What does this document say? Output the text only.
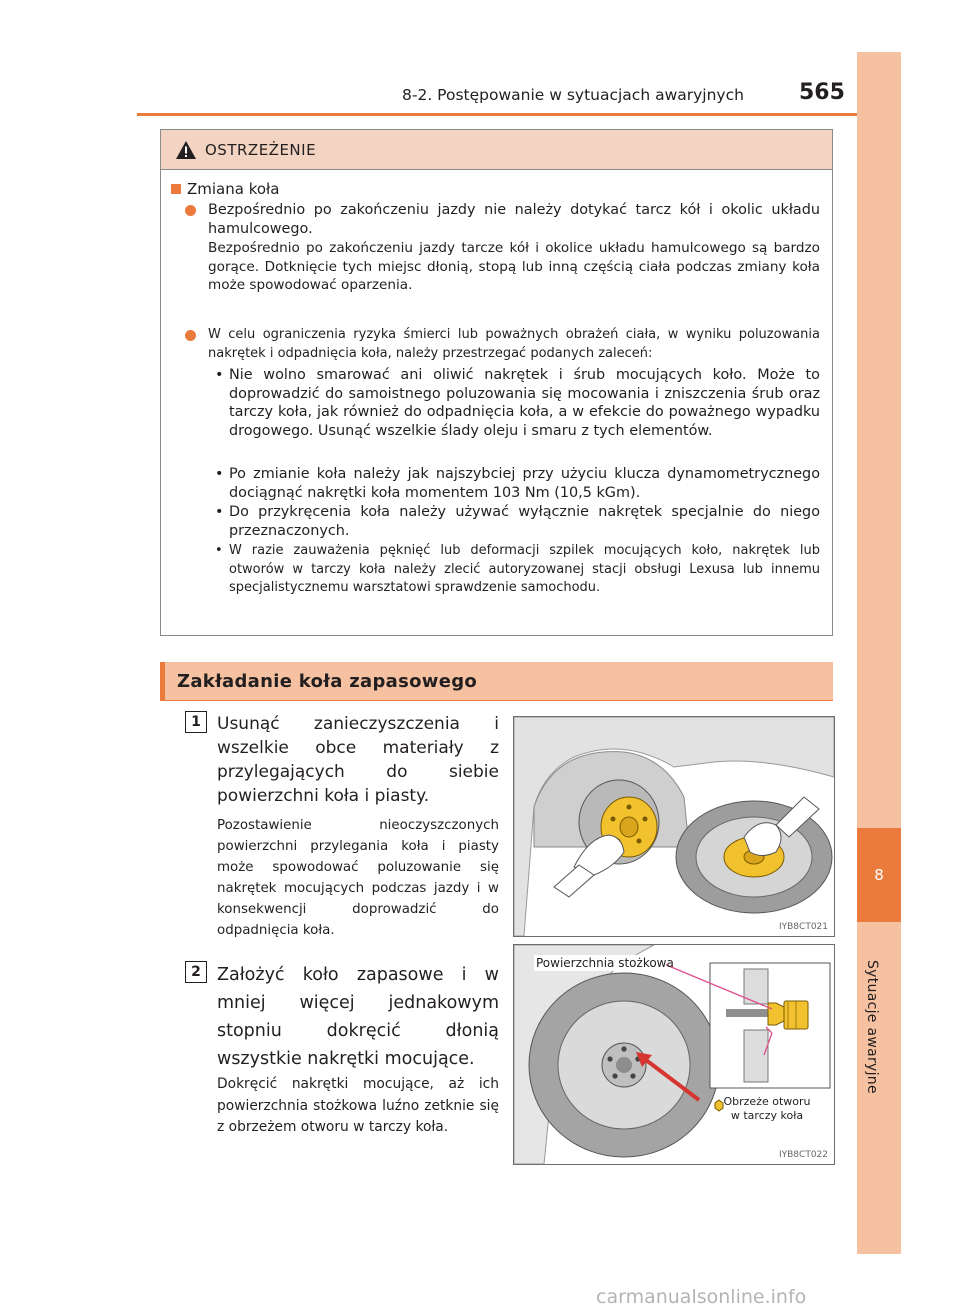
8
Sytuacje awaryjne
8-2. Postępowanie w sytuacjach awaryjnych	565
OSTRZEŻENIE
Zmiana koła
Bezpośrednio po zakończeniu jazdy nie należy dotykać tarcz kół i okolic układu hamulcowego.
Bezpośrednio po zakończeniu jazdy tarcze kół i okolice układu hamulcowego są bardzo gorące. Dotknięcie tych miejsc dłonią, stopą lub inną częścią ciała podczas zmiany koła może spowodować oparzenia.
W celu ograniczenia ryzyka śmierci lub poważnych obrażeń ciała, w wyniku poluzowania nakrętek i odpadnięcia koła, należy przestrzegać podanych zaleceń:
• Nie wolno smarować ani oliwić nakrętek i śrub mocujących koło. Może to doprowadzić do samoistnego poluzowania się mocowania i zniszczenia śrub oraz tarczy koła, jak również do odpadnięcia koła, a w efekcie do poważnego wypadku drogowego. Usunąć wszelkie ślady oleju i smaru z tych elementów.
• Po zmianie koła należy jak najszybciej przy użyciu klucza dynamometrycznego dociągnąć nakrętki koła momentem 103 Nm (10,5 kGm).
• Do przykręcenia koła należy używać wyłącznie nakrętek specjalnie do niego przeznaczonych.
• W razie zauważenia pęknięć lub deformacji szpilek mocujących koło, nakrętek lub otworów w tarczy koła należy zlecić autoryzowanej stacji obsługi Lexusa lub innemu specjalistycznemu warsztatowi sprawdzenie samochodu.
Zakładanie koła zapasowego
1 Usunąć zanieczyszczenia i wszelkie obce materiały z przylegających do siebie powierzchni koła i piasty.
Pozostawienie nieoczyszczonych powierzchni przylegania koła i piasty może spowodować poluzowanie się nakrętek mocujących podczas jazdy i w konsekwencji doprowadzić do odpadnięcia koła.	IYB8CT021
2 Założyć koło zapasowe i w mniej więcej jednakowym stopniu dokręcić dłonią wszystkie nakrętki mocujące.
Dokręcić nakrętki mocujące, aż ich powierzchnia stożkowa luźno zetknie się z obrzeżem otworu w tarczy koła.
Powierzchnia stożkowa
Obrzeże otworu
w tarczy koła
IYB8CT022
carmanualsonline.info
